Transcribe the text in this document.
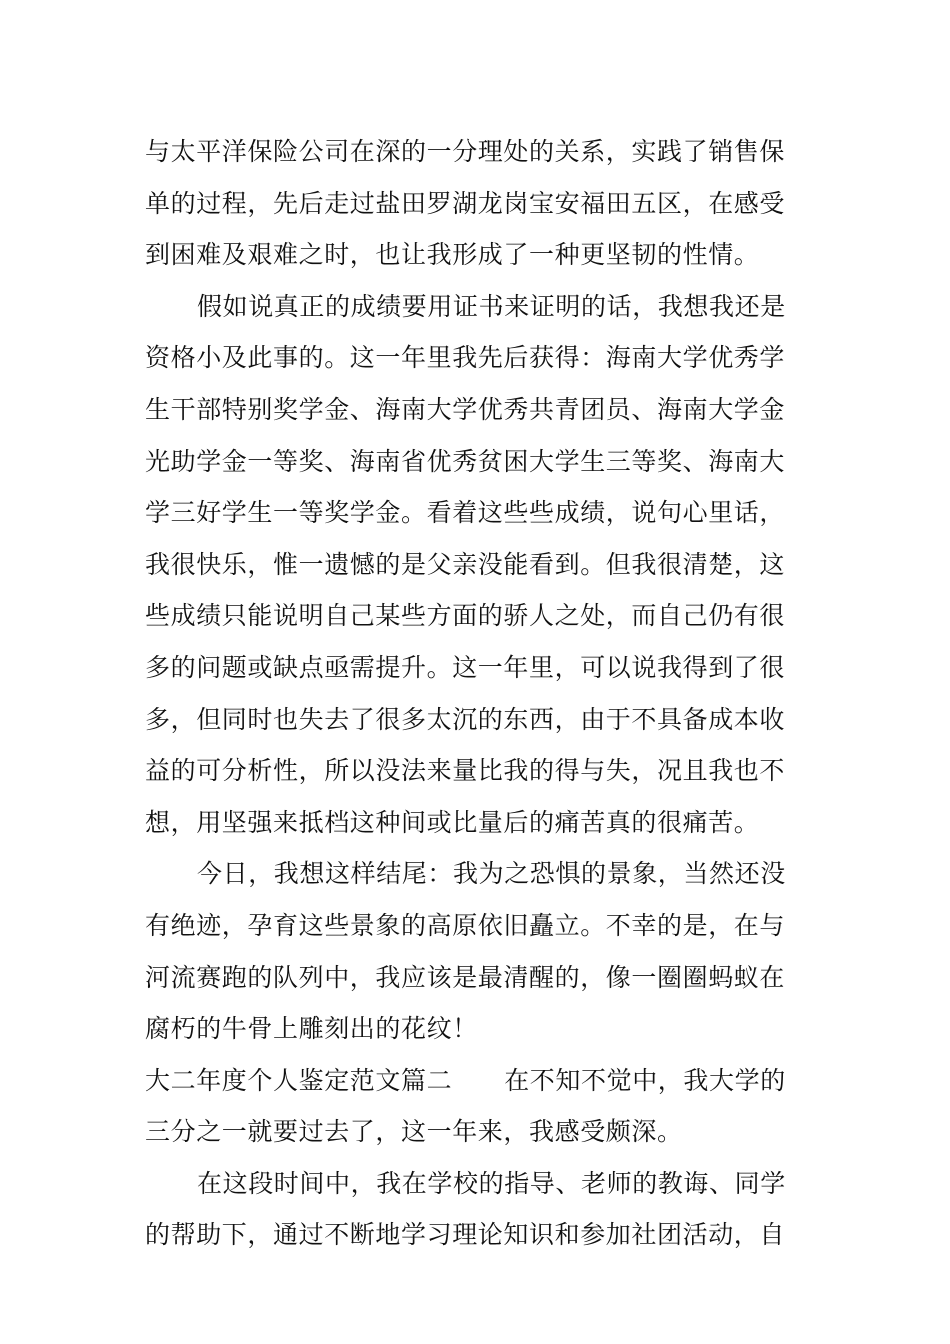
与太平洋保险公司在深的一分理处的关系，实践了销售保
单的过程，先后走过盐田罗湖龙岗宝安福田五区，在感受
到困难及艰难之时，也让我形成了一种更坚韧的性情。
假如说真正的成绩要用证书来证明的话，我想我还是
资格小及此事的。这一年里我先后获得：海南大学优秀学
生干部特别奖学金、海南大学优秀共青团员、海南大学金
光助学金一等奖、海南省优秀贫困大学生三等奖、海南大
学三好学生一等奖学金。看着这些些成绩，说句心里话，
我很快乐，惟一遗憾的是父亲没能看到。但我很清楚，这
些成绩只能说明自己某些方面的骄人之处，而自己仍有很
多的问题或缺点亟需提升。这一年里，可以说我得到了很
多，但同时也失去了很多太沉的东西，由于不具备成本收
益的可分析性，所以没法来量比我的得与失，况且我也不
想，用坚强来抵档这种间或比量后的痛苦真的很痛苦。
今日，我想这样结尾：我为之恐惧的景象，当然还没
有绝迹，孕育这些景象的高原依旧矗立。不幸的是，在与
河流赛跑的队列中，我应该是最清醒的，像一圈圈蚂蚁在
腐朽的牛骨上雕刻出的花纹！
大二年度个人鉴定范文篇二 在不知不觉中，我大学的
三分之一就要过去了，这一年来，我感受颇深。
在这段时间中，我在学校的指导、老师的教诲、同学
的帮助下，通过不断地学习理论知识和参加社团活动，自
